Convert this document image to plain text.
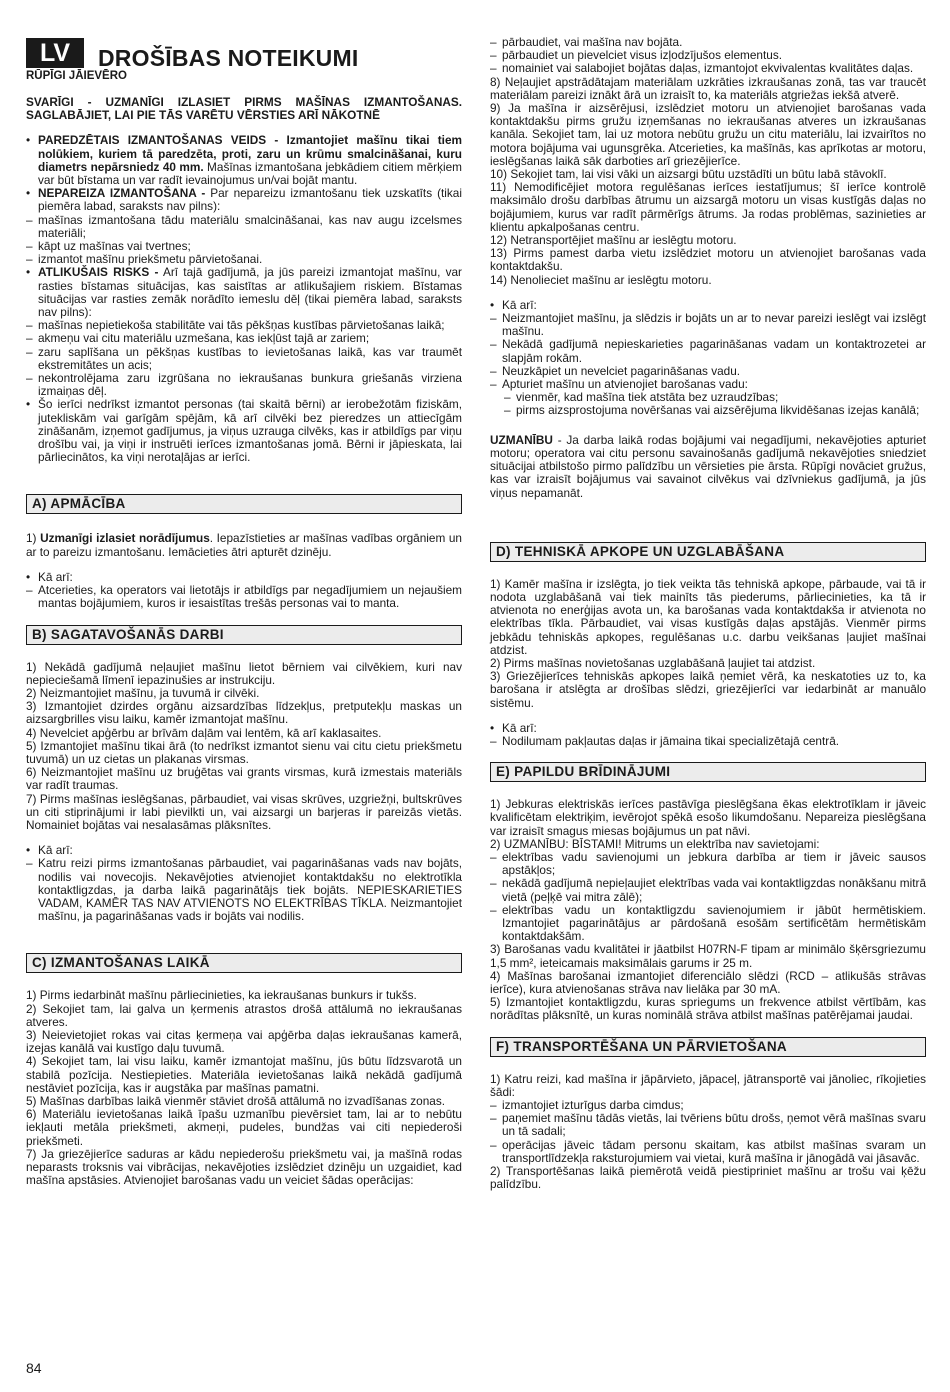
LV	DROŠĪBAS NOTEIKUMI
RŪPĪGI JĀIEVĒRO

SVARĪGI - UZMANĪGI IZLASIET PIRMS MAŠĪNAS IZMANTOŠANAS. SAGLABĀJIET, LAI PIE TĀS VARĒTU VĒRSTIES ARĪ NĀKOTNĒ

• PAREDZĒTAIS IZMANTOŠANAS VEIDS - Izmantojiet mašīnu tikai tiem nolūkiem, kuriem tā paredzēta, proti, zaru un krūmu smalcināšanai, kuru diametrs nepārsniedz 40 mm. Mašīnas izmantošana jebkādiem citiem mērķiem var būt bīstama un var radīt ievainojumus un/vai bojāt mantu.
• NEPAREIZA IZMANTOŠANA - Par nepareizu izmantošanu tiek uzskatīts (tikai piemēra labad, saraksts nav pilns):
– mašīnas izmantošana tādu materiālu smalcināšanai, kas nav augu izcelsmes materiāli;
– kāpt uz mašīnas vai tvertnes;
– izmantot mašīnu priekšmetu pārvietošanai.
• ATLIKUŠAIS RISKS - Arī tajā gadījumā, ja jūs pareizi izmantojat mašīnu, var rasties bīstamas situācijas, kas saistītas ar atlikušajiem riskiem. Bīstamas situācijas var rasties zemāk norādīto iemeslu dēļ (tikai piemēra labad, saraksts nav pilns):
– mašīnas nepietiekoša stabilitāte vai tās pēkšņas kustības pārvietošanas laikā;
– akmeņu vai citu materiālu uzmešana, kas iekļūst tajā ar zariem;
– zaru saplīšana un pēkšņas kustības to ievietošanas laikā, kas var traumēt ekstremitātes un acis;
– nekontrolējama zaru izgrūšana no iekraušanas bunkura griešanās virziena izmaiņas dēļ.
• Šo ierīci nedrīkst izmantot personas (tai skaitā bērni) ar ierobežotām fiziskām, jutekliskām vai garīgām spējām, kā arī cilvēki bez pieredzes un attiecīgām zināšanām, izņemot gadījumus, ja viņus uzrauga cilvēks, kas ir atbildīgs par viņu drošību vai, ja viņi ir instruēti ierīces izmantošanas jomā. Bērni ir jāpieskata, lai pārliecinātos, ka viņi nerotaļājas ar ierīci.
A) APMĀCĪBA

1) Uzmanīgi izlasiet norādījumus. Iepazīstieties ar mašīnas vadības orgāniem un ar to pareizu izmantošanu. Iemācieties ātri apturēt dzinēju.

• Kā arī:
– Atcerieties, ka operators vai lietotājs ir atbildīgs par negadījumiem un nejaušiem mantas bojājumiem, kuros ir iesaistītas trešās personas vai to manta.
B) SAGATAVOŠANĀS DARBI

1) Nekādā gadījumā neļaujiet mašīnu lietot bērniem vai cilvēkiem, kuri nav nepieciešamā līmenī iepazinušies ar instrukciju.

2) Neizmantojiet mašīnu, ja tuvumā ir cilvēki.

3) Izmantojiet dzirdes orgānu aizsardzības līdzekļus, pretputekļu maskas un aizsargbrilles visu laiku, kamēr izmantojat mašīnu.

4) Nevelciet apģērbu ar brīvām daļām vai lentēm, kā arī kaklasaites.

5) Izmantojiet mašīnu tikai ārā (to nedrīkst izmantot sienu vai citu cietu priekšmetu tuvumā) un uz cietas un plakanas virsmas.

6) Neizmantojiet mašīnu uz bruģētas vai grants virsmas, kurā izmestais materiāls var radīt traumas.

7) Pirms mašīnas ieslēgšanas, pārbaudiet, vai visas skrūves, uzgriežņi, bultskrūves un citi stiprinājumi ir labi pievilkti un, vai aizsargi un barjeras ir pareizās vietās. Nomainiet bojātas vai nesalasāmas plāksnītes.

• Kā arī:
– Katru reizi pirms izmantošanas pārbaudiet, vai pagarināšanas vads nav bojāts, nodilis vai novecojis. Nekavējoties atvienojiet kontaktdakšu no elektrotīkla kontaktligzdas, ja darba laikā pagarinātājs tiek bojāts. NEPIESKARIETIES VADAM, KAMĒR TAS NAV ATVIENOTS NO ELEKTRĪBAS TĪKLA. Neizmantojiet mašīnu, ja pagarināšanas vads ir bojāts vai nodilis.
C) IZMANTOŠANAS LAIKĀ

1) Pirms iedarbināt mašīnu pārliecinieties, ka iekraušanas bunkurs ir tukšs.

2) Sekojiet tam, lai galva un ķermenis atrastos drošā attālumā no iekraušanas atveres.

3) Neievietojiet rokas vai citas ķermeņa vai apģērba daļas iekraušanas kamerā, izejas kanālā vai kustīgo daļu tuvumā.

4) Sekojiet tam, lai visu laiku, kamēr izmantojat mašīnu, jūs būtu līdzsvarotā un stabilā pozīcija. Nestiepieties. Materiāla ievietošanas laikā nekādā gadījumā nestāviet pozīcija, kas ir augstāka par mašīnas pamatni.

5) Mašīnas darbības laikā vienmēr stāviet drošā attālumā no izvadīšanas zonas.

6) Materiālu ievietošanas laikā īpašu uzmanību pievērsiet tam, lai ar to nebūtu iekļauti metāla priekšmeti, akmeņi, pudeles, bundžas vai citi nepiederoši priekšmeti.

7) Ja griezējierīce saduras ar kādu nepiederošu priekšmetu vai, ja mašīnā rodas neparasts troksnis vai vibrācijas, nekavējoties izslēdziet dzinēju un uzgaidiet, kad mašīna apstāsies. Atvienojiet barošanas vadu un veiciet šādas operācijas:

– pārbaudiet, vai mašīna nav bojāta.
– pārbaudiet un pievelciet visus izļodzījušos elementus.
– nomainiet vai salabojiet bojātas daļas, izmantojot ekvivalentas kvalitātes daļas.

8) Neļaujiet apstrādātajam materiālam uzkrāties izkraušanas zonā, tas var traucēt materiālam pareizi iznākt ārā un izraisīt to, ka materiāls atgriežas iekšā atverē.

9) Ja mašīna ir aizsērējusi, izslēdziet motoru un atvienojiet barošanas vada kontaktdakšu pirms gružu izņemšanas no iekraušanas atveres un izkraušanas kanāla. Sekojiet tam, lai uz motora nebūtu gružu un citu materiālu, lai izvairītos no motora bojājuma vai ugunsgrēka. Atcerieties, ka mašīnās, kas aprīkotas ar motoru, ieslēgšanas laikā sāk darboties arī griezējierīce.

10) Sekojiet tam, lai visi vāki un aizsargi būtu uzstādīti un būtu labā stāvoklī.

11) Nemodificējiet motora regulēšanas ierīces iestatījumus; šī ierīce kontrolē maksimālo drošu darbības ātrumu un aizsargā motoru un visas kustīgās daļas no bojājumiem, kurus var radīt pārmērīgs ātrums. Ja rodas problēmas, sazinieties ar klientu apkalpošanas centru.

12) Netransportējiet mašīnu ar ieslēgtu motoru.

13) Pirms pamest darba vietu izslēdziet motoru un atvienojiet barošanas vada kontaktdakšu.

14) Nenolieciet mašīnu ar ieslēgtu motoru.

• Kā arī:
– Neizmantojiet mašīnu, ja slēdzis ir bojāts un ar to nevar pareizi ieslēgt vai izslēgt mašīnu.
– Nekādā gadījumā nepieskarieties pagarināšanas vadam un kontaktrozetei ar slapjām rokām.
– Neuzkāpiet un nevelciet pagarināšanas vadu.
– Apturiet mašīnu un atvienojiet barošanas vadu:
– vienmēr, kad mašīna tiek atstāta bez uzraudzības;
– pirms aizsprostojuma novēršanas vai aizsērējuma likvidēšanas izejas kanālā;

UZMANĪBU - Ja darba laikā rodas bojājumi vai negadījumi, nekavējoties apturiet motoru; operatora vai citu personu savainošanās gadījumā nekavējoties sniedziet situācijai atbilstošo pirmo palīdzību un vērsieties pie ārsta. Rūpīgi novāciet gružus, kas var izraisīt bojājumus vai savainot cilvēkus vai dzīvniekus gadījumā, ja jūs viņus nepamanāt.

D) TEHNISKĀ APKOPE UN UZGLABĀŠANA

1) Kamēr mašīna ir izslēgta, jo tiek veikta tās tehniskā apkope, pārbaude, vai tā ir nodota uzglabāšanā vai tiek mainīts tās piederums, pārliecinieties, ka tā ir atvienota no enerģijas avota un, ka barošanas vada kontaktdakša ir atvienota no elektrības tīkla. Pārbaudiet, vai visas kustīgās daļas apstājās. Vienmēr pirms jebkādu tehniskās apkopes, regulēšanas u.c. darbu veikšanas ļaujiet mašīnai atdzist.

2) Pirms mašīnas novietošanas uzglabāšanā ļaujiet tai atdzist.

3) Griezējierīces tehniskās apkopes laikā ņemiet vērā, ka neskatoties uz to, ka barošana ir atslēgta ar drošības slēdzi, griezējierīci var iedarbināt ar manuālo sistēmu.

• Kā arī:
– Nodilumam pakļautas daļas ir jāmaina tikai specializētajā centrā.
E) PAPILDU BRĪDINĀJUMI

1) Jebkuras elektriskās ierīces pastāvīga pieslēgšana ēkas elektrotīklam ir jāveic kvalificētam elektriķim, ievērojot spēkā esošo likumdošanu. Nepareiza pieslēgšana var izraisīt smagus miesas bojājumus un pat nāvi.

2) UZMANĪBU: BĪSTAMI! Mitrums un elektrība nav savietojami:

– elektrības vadu savienojumi un jebkura darbība ar tiem ir jāveic sausos apstākļos;
– nekādā gadījumā nepieļaujiet elektrības vada vai kontaktligzdas nonākšanu mitrā vietā (peļķē vai mitra zālē);
– elektrības vadu un kontaktligzdu savienojumiem ir jābūt hermētiskiem. Izmantojiet pagarinātājus ar pārdošanā esošām sertificētām hermētiskām kontaktdakšām.

3) Barošanas vadu kvalitātei ir jāatbilst H07RN-F tipam ar minimālo šķērsgriezumu 1,5 mm², ieteicamais maksimālais garums ir 25 m.

4) Mašīnas barošanai izmantojiet diferenciālo slēdzi (RCD – atlikušās strāvas ierīce), kura atvienošanas strāva nav lielāka par 30 mA.

5) Izmantojiet kontaktligzdu, kuras spriegums un frekvence atbilst vērtībām, kas norādītas plāksnītē, un kuras nominālā strāva atbilst mašīnas patērējamai jaudai.

F) TRANSPORTĒŠANA UN PĀRVIETOŠANA

1) Katru reizi, kad mašīna ir jāpārvieto, jāpaceļ, jātransportē vai jānoliec, rīkojieties šādi:

– izmantojiet izturīgus darba cimdus;
– paņemiet mašīnu tādās vietās, lai tvēriens būtu drošs, ņemot vērā mašīnas svaru un tā sadali;
– operācijas jāveic tādam personu skaitam, kas atbilst mašīnas svaram un transportlīdzekļa raksturojumiem vai vietai, kurā mašīna ir jānogādā vai jāsavāc.

2) Transportēšanas laikā piemērotā veidā piestipriniet mašīnu ar trošu vai ķēžu palīdzību.

84
